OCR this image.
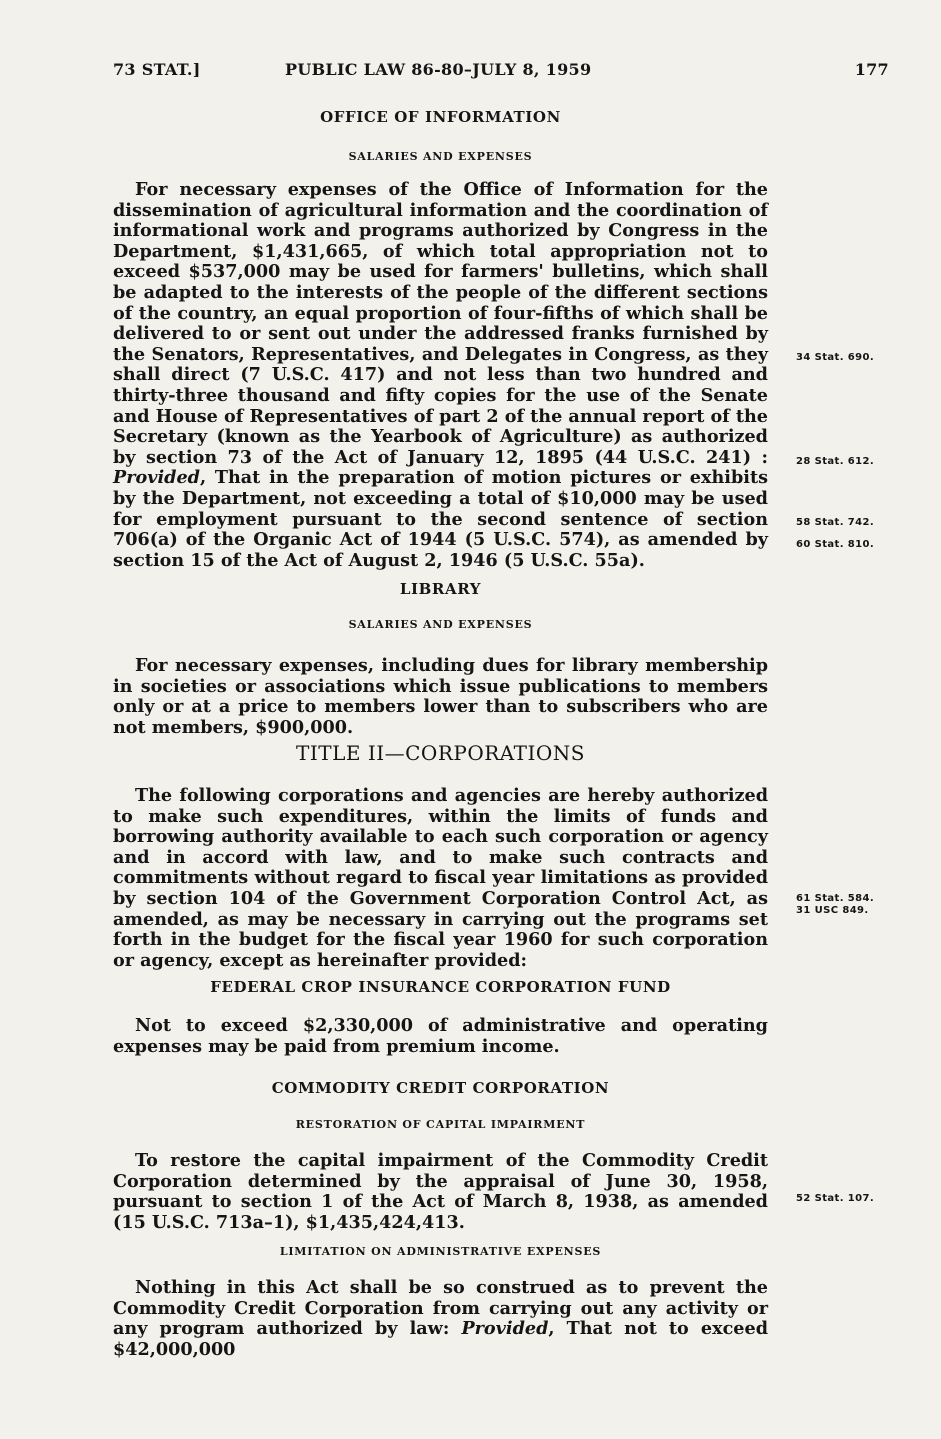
73 STAT.]	PUBLIC LAW 86-80–JULY 8, 1959	177
OFFICE OF INFORMATION
SALARIES AND EXPENSES

For necessary expenses of the Office of Information for the dissemination of agricultural information and the coordination of informational work and programs authorized by Congress in the Department, $1,431,665, of which total appropriation not to exceed $537,000 may be used for farmers' bulletins, which shall be adapted to the interests of the people of the different sections of the country, an equal proportion of four-fifths of which shall be delivered to or sent out under the addressed franks furnished by the Senators, Representatives, and Delegates in Congress, as they shall direct (7 U.S.C. 417) and not less than two hundred and thirty-three thousand and fifty copies for the use of the Senate and House of Representatives of part 2 of the annual report of the Secretary (known as the Yearbook of Agriculture) as authorized by section 73 of the Act of January 12, 1895 (44 U.S.C. 241) : Provided, That in the preparation of motion pictures or exhibits by the Department, not exceeding a total of $10,000 may be used for employment pursuant to the second sentence of section 706(a) of the Organic Act of 1944 (5 U.S.C. 574), as amended by section 15 of the Act of August 2, 1946 (5 U.S.C. 55a).

LIBRARY
SALARIES AND EXPENSES

For necessary expenses, including dues for library membership in societies or associations which issue publications to members only or at a price to members lower than to subscribers who are not members, $900,000.

TITLE II—CORPORATIONS

The following corporations and agencies are hereby authorized to make such expenditures, within the limits of funds and borrowing authority available to each such corporation or agency and in accord with law, and to make such contracts and commitments without regard to fiscal year limitations as provided by section 104 of the Government Corporation Control Act, as amended, as may be necessary in carrying out the programs set forth in the budget for the fiscal year 1960 for such corporation or agency, except as hereinafter provided:

FEDERAL CROP INSURANCE CORPORATION FUND

Not to exceed $2,330,000 of administrative and operating expenses may be paid from premium income.

COMMODITY CREDIT CORPORATION
RESTORATION OF CAPITAL IMPAIRMENT

To restore the capital impairment of the Commodity Credit Corporation determined by the appraisal of June 30, 1958, pursuant to section 1 of the Act of March 8, 1938, as amended (15 U.S.C. 713a–1), $1,435,424,413.

LIMITATION ON ADMINISTRATIVE EXPENSES

Nothing in this Act shall be so construed as to prevent the Commodity Credit Corporation from carrying out any activity or any program authorized by law: Provided, That not to exceed $42,000,000

34 Stat. 690.
28 Stat. 612.
58 Stat. 742.
60 Stat. 810.
61 Stat. 584.
31 USC 849.
52 Stat. 107.
